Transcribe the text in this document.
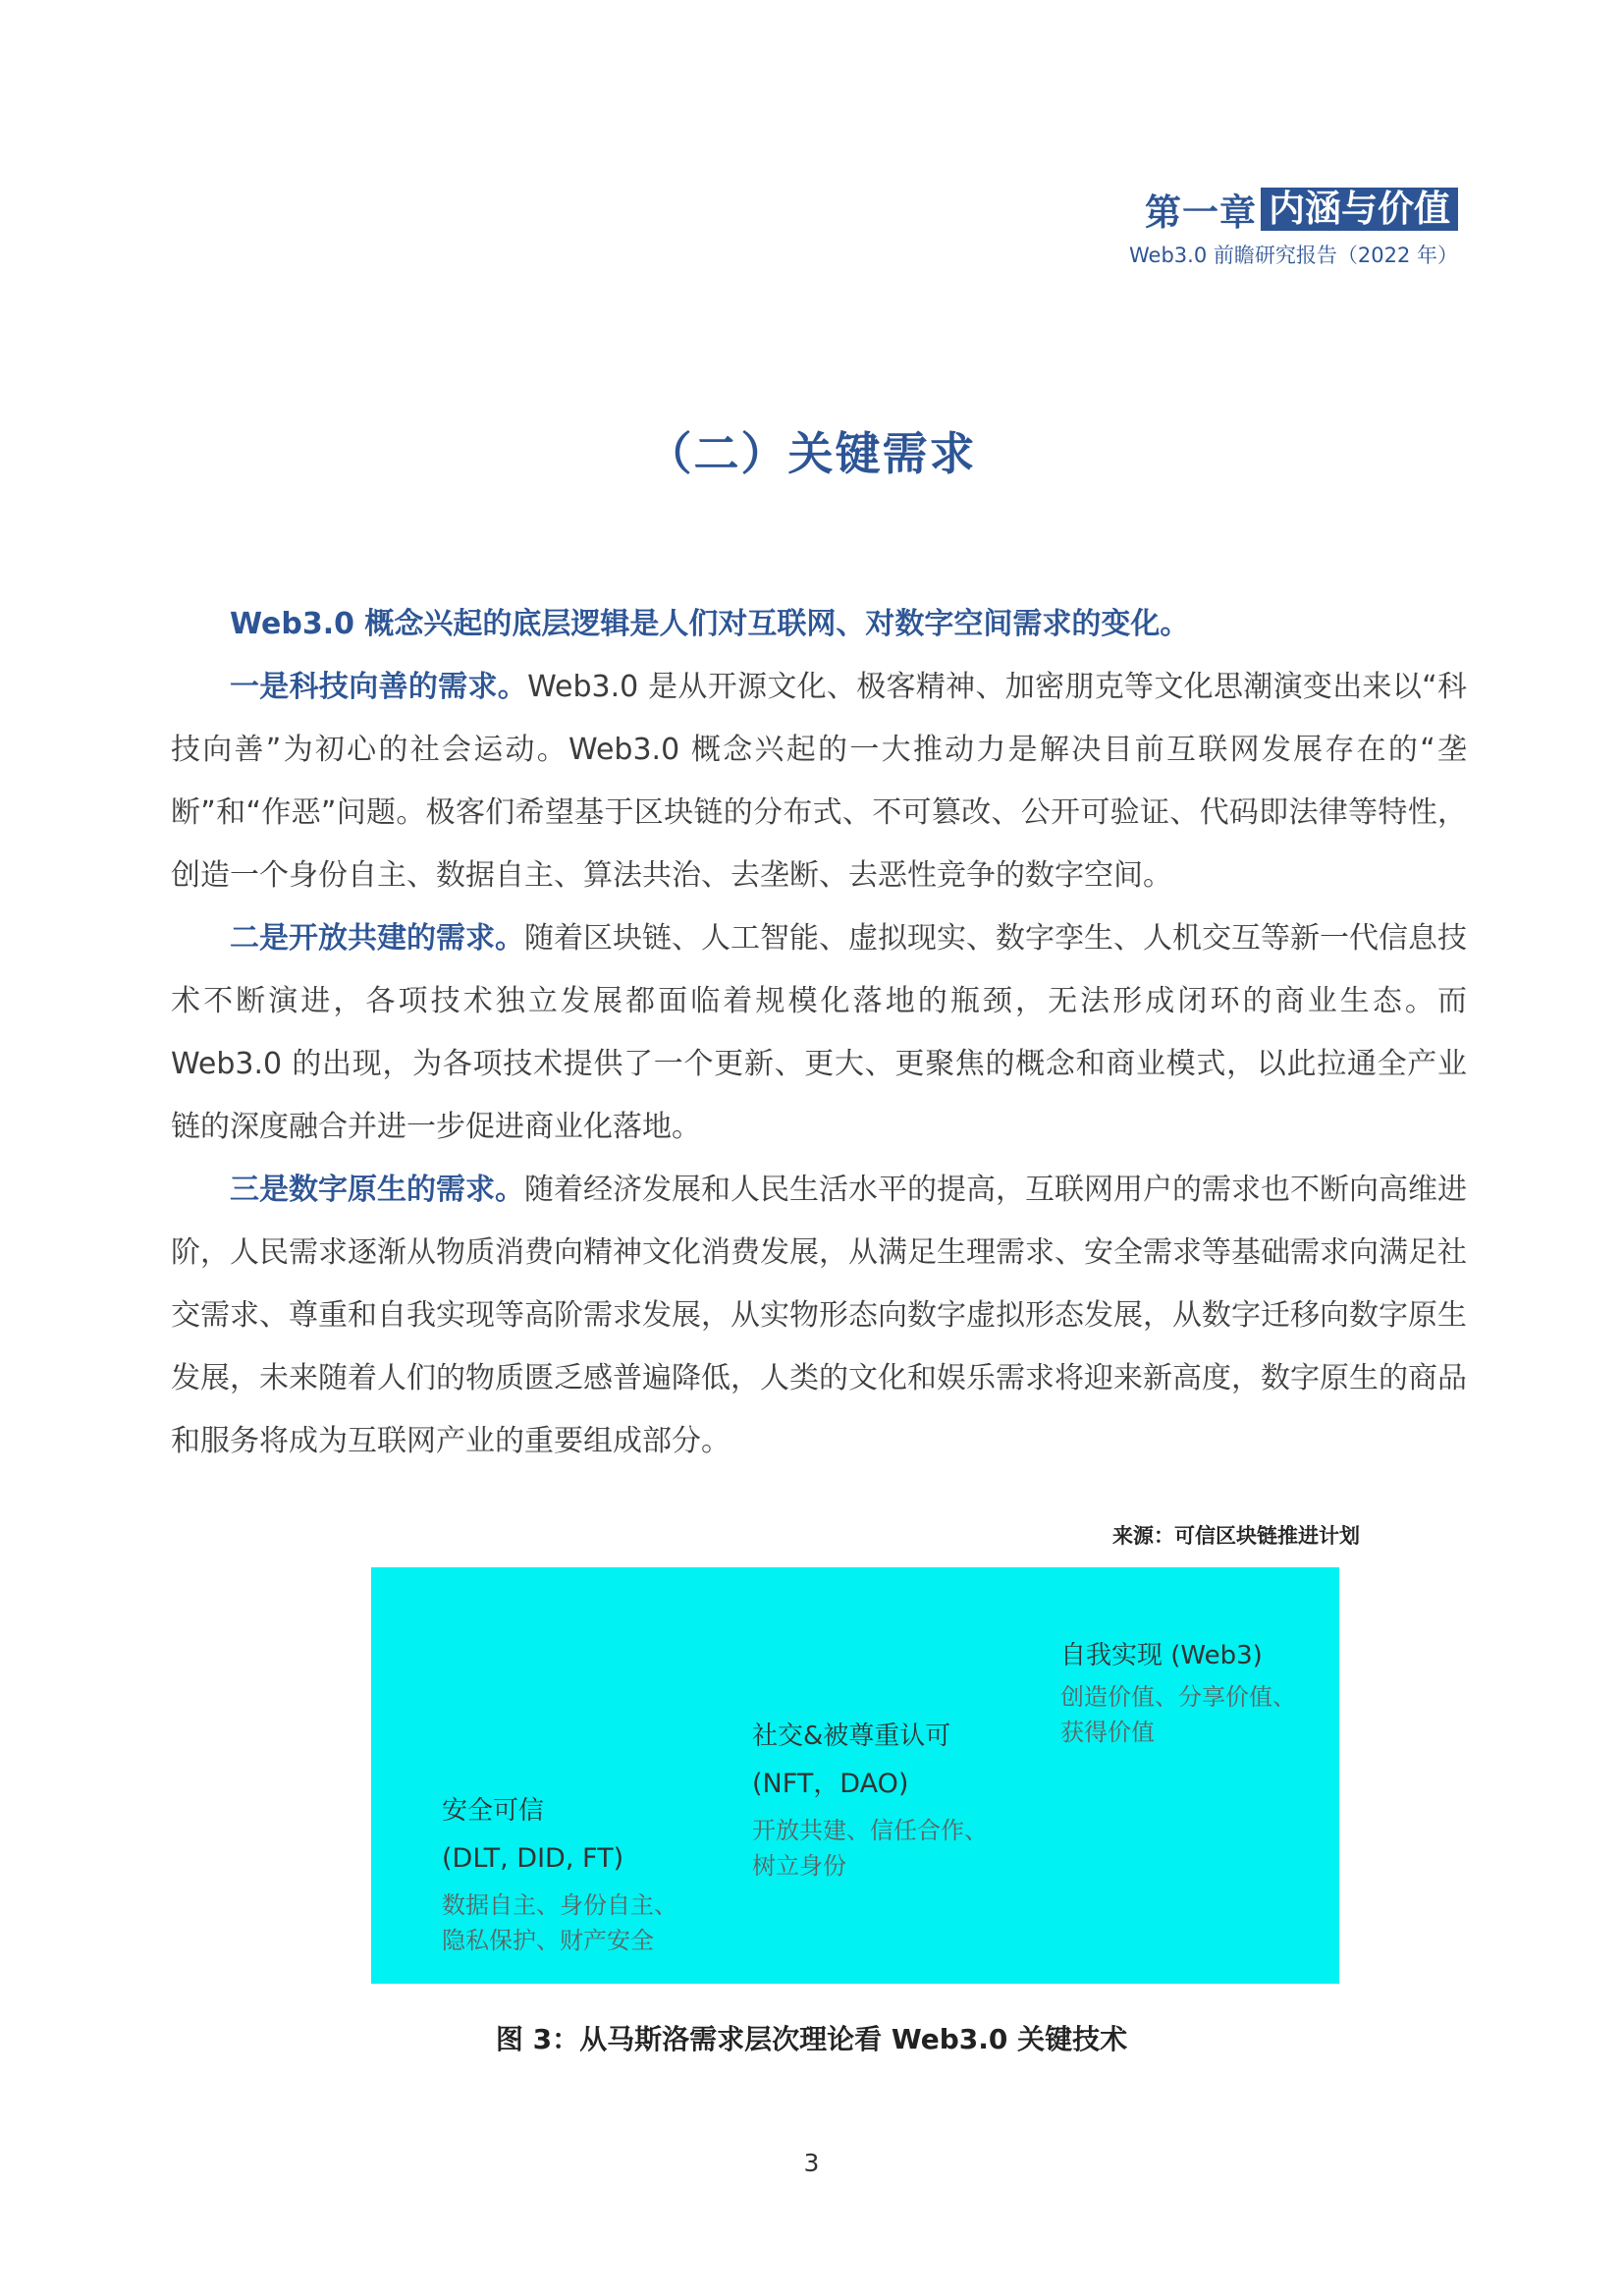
第一章 内涵与价值
Web3.0 前瞻研究报告（2022 年）
（二）关键需求

Web3.0 概念兴起的底层逻辑是人们对互联网、对数字空间需求的变化。

一是科技向善的需求。Web3.0 是从开源文化、极客精神、加密朋克等文化思潮演变出来以“科技向善”为初心的社会运动。Web3.0 概念兴起的一大推动力是解决目前互联网发展存在的“垄断”和“作恶”问题。极客们希望基于区块链的分布式、不可篡改、公开可验证、代码即法律等特性，创造一个身份自主、数据自主、算法共治、去垄断、去恶性竞争的数字空间。

二是开放共建的需求。随着区块链、人工智能、虚拟现实、数字孪生、人机交互等新一代信息技术不断演进，各项技术独立发展都面临着规模化落地的瓶颈，无法形成闭环的商业生态。而 Web3.0 的出现，为各项技术提供了一个更新、更大、更聚焦的概念和商业模式，以此拉通全产业链的深度融合并进一步促进商业化落地。

三是数字原生的需求。随着经济发展和人民生活水平的提高，互联网用户的需求也不断向高维进阶，人民需求逐渐从物质消费向精神文化消费发展，从满足生理需求、安全需求等基础需求向满足社交需求、尊重和自我实现等高阶需求发展，从实物形态向数字虚拟形态发展，从数字迁移向数字原生发展，未来随着人们的物质匮乏感普遍降低，人类的文化和娱乐需求将迎来新高度，数字原生的商品和服务将成为互联网产业的重要组成部分。

来源：可信区块链推进计划
安全可信
(DLT, DID, FT)
数据自主、身份自主、
隐私保护、财产安全
社交&被尊重认可
(NFT，DAO)
开放共建、信任合作、
树立身份
自我实现 (Web3)
创造价值、分享价值、
获得价值
图 3：从马斯洛需求层次理论看 Web3.0 关键技术
3
